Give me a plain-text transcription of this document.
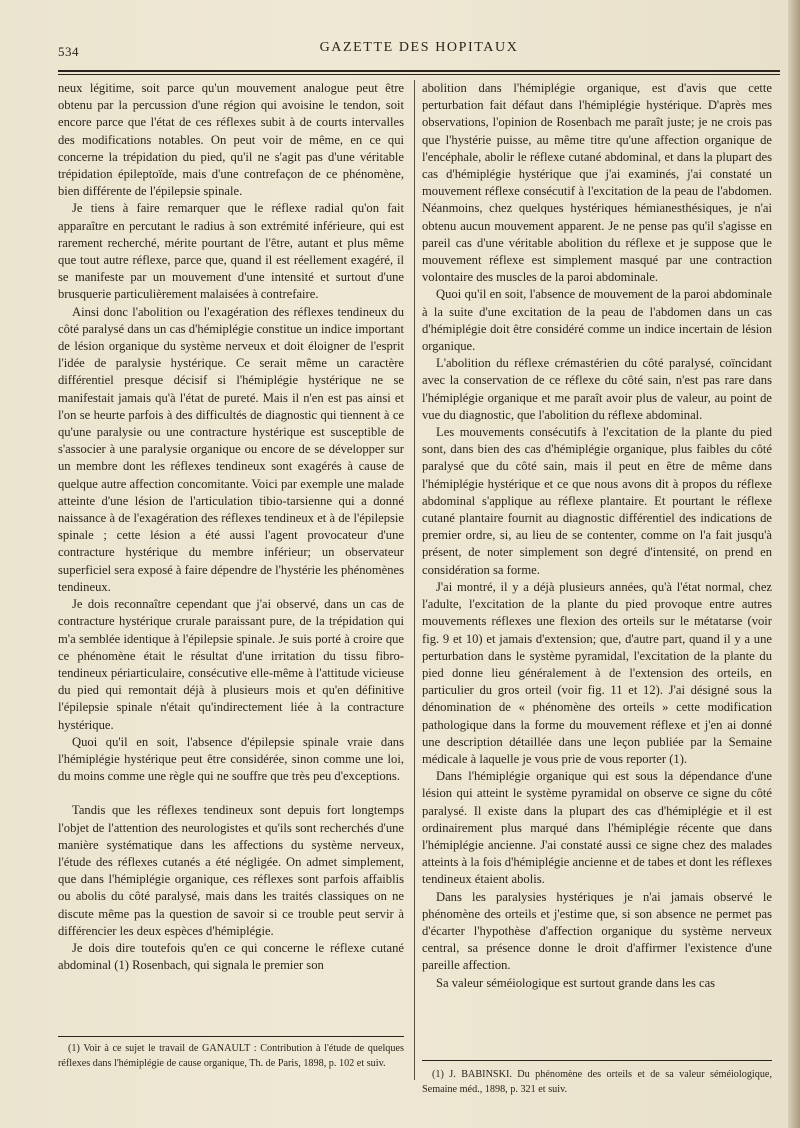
534	GAZETTE DES HOPITAUX

neux légitime, soit parce qu'un mouvement analogue peut être obtenu par la percussion d'une région qui avoisine le tendon, soit encore parce que l'état de ces réflexes subit à de courts intervalles des modifications notables. On peut voir de même, en ce qui concerne la trépidation du pied, qu'il ne s'agit pas d'une véritable trépidation épileptoïde, mais d'une contrefaçon de ce phénomène, bien différente de l'épilepsie spinale.

Je tiens à faire remarquer que le réflexe radial qu'on fait apparaître en percutant le radius à son extrémité inférieure, qui est rarement recherché, mérite pourtant de l'être, autant et plus même que tout autre réflexe, parce que, quand il est réellement exagéré, il se manifeste par un mouvement d'une intensité et surtout d'une brusquerie particulièrement malaisées à contrefaire.

Ainsi donc l'abolition ou l'exagération des réflexes tendineux du côté paralysé dans un cas d'hémiplégie constitue un indice important de lésion organique du système nerveux et doit éloigner de l'esprit l'idée de paralysie hystérique. Ce serait même un caractère différentiel presque décisif si l'hémiplégie hystérique ne se manifestait jamais qu'à l'état de pureté. Mais il n'en est pas ainsi et l'on se heurte parfois à des difficultés de diagnostic qui tiennent à ce qu'une paralysie ou une contracture hystérique est susceptible de s'associer à une paralysie organique ou encore de se développer sur un membre dont les réflexes tendineux sont exagérés à cause de quelque autre affection concomitante. Voici par exemple une malade atteinte d'une lésion de l'articulation tibio-tarsienne qui a donné naissance à de l'exagération des réflexes tendineux et à de l'épilepsie spinale ; cette lésion a été aussi l'agent provocateur d'une contracture hystérique du membre inférieur; un observateur superficiel sera exposé à faire dépendre de l'hystérie les phénomènes tendineux.

Je dois reconnaître cependant que j'ai observé, dans un cas de contracture hystérique crurale paraissant pure, de la trépidation qui m'a semblée identique à l'épilepsie spinale. Je suis porté à croire que ce phénomène était le résultat d'une irritation du tissu fibro-tendineux périarticulaire, consécutive elle-même à l'attitude vicieuse du pied qui remontait déjà à plusieurs mois et qu'en définitive l'épilepsie spinale n'était qu'indirectement liée à la contracture hystérique.

Quoi qu'il en soit, l'absence d'épilepsie spinale vraie dans l'hémiplégie hystérique peut être considérée, sinon comme une loi, du moins comme une règle qui ne souffre que très peu d'exceptions.

Tandis que les réflexes tendineux sont depuis fort longtemps l'objet de l'attention des neurologistes et qu'ils sont recherchés d'une manière systématique dans les affections du système nerveux, l'étude des réflexes cutanés a été négligée. On admet simplement, que dans l'hémiplégie organique, ces réflexes sont parfois affaiblis ou abolis du côté paralysé, mais dans les traités classiques on ne discute même pas la question de savoir si ce trouble peut servir à différencier les deux espèces d'hémiplégie.

Je dois dire toutefois qu'en ce qui concerne le réflexe cutané abdominal (1) Rosenbach, qui signala le premier son

(1) Voir à ce sujet le travail de GANAULT : Contribution à l'étude de quelques réflexes dans l'hémiplégie de cause organique, Th. de Paris, 1898, p. 102 et suiv.

abolition dans l'hémiplégie organique, est d'avis que cette perturbation fait défaut dans l'hémiplégie hystérique. D'après mes observations, l'opinion de Rosenbach me paraît juste; je ne crois pas que l'hystérie puisse, au même titre qu'une affection organique de l'encéphale, abolir le réflexe cutané abdominal, et dans la plupart des cas d'hémiplégie hystérique que j'ai examinés, j'ai constaté un mouvement réflexe consécutif à l'excitation de la peau de l'abdomen. Néanmoins, chez quelques hystériques hémianesthésiques, je n'ai obtenu aucun mouvement apparent. Je ne pense pas qu'il s'agisse en pareil cas d'une véritable abolition du réflexe et je suppose que le mouvement réflexe est simplement masqué par une contraction volontaire des muscles de la paroi abdominale.

Quoi qu'il en soit, l'absence de mouvement de la paroi abdominale à la suite d'une excitation de la peau de l'abdomen dans un cas d'hémiplégie doit être considéré comme un indice incertain de lésion organique.

L'abolition du réflexe crémastérien du côté paralysé, coïncidant avec la conservation de ce réflexe du côté sain, n'est pas rare dans l'hémiplégie organique et me paraît avoir plus de valeur, au point de vue du diagnostic, que l'abolition du réflexe abdominal.

Les mouvements consécutifs à l'excitation de la plante du pied sont, dans bien des cas d'hémiplégie organique, plus faibles du côté paralysé que du côté sain, mais il peut en être de même dans l'hémiplégie hystérique et ce que nous avons dit à propos du réflexe abdominal s'applique au réflexe plantaire. Et pourtant le réflexe cutané plantaire fournit au diagnostic différentiel des indications de premier ordre, si, au lieu de se contenter, comme on l'a fait jusqu'à présent, de noter simplement son degré d'intensité, on prend en considération sa forme.

J'ai montré, il y a déjà plusieurs années, qu'à l'état normal, chez l'adulte, l'excitation de la plante du pied provoque entre autres mouvements réflexes une flexion des orteils sur le métatarse (voir fig. 9 et 10) et jamais d'extension; que, d'autre part, quand il y a une perturbation dans le système pyramidal, l'excitation de la plante du pied donne lieu généralement à de l'extension des orteils, en particulier du gros orteil (voir fig. 11 et 12). J'ai désigné sous la dénomination de « phénomène des orteils » cette modification pathologique dans la forme du mouvement réflexe et j'en ai donné une description détaillée dans une leçon publiée par la Semaine médicale à laquelle je vous prie de vous reporter (1).

Dans l'hémiplégie organique qui est sous la dépendance d'une lésion qui atteint le système pyramidal on observe ce signe du côté paralysé. Il existe dans la plupart des cas d'hémiplégie et il est ordinairement plus marqué dans l'hémiplégie récente que dans l'hémiplégie ancienne. J'ai constaté aussi ce signe chez des malades atteints à la fois d'hémiplégie ancienne et de tabes et dont les réflexes tendineux étaient abolis.

Dans les paralysies hystériques je n'ai jamais observé le phénomène des orteils et j'estime que, si son absence ne permet pas d'écarter l'hypothèse d'affection organique du système nerveux central, sa présence donne le droit d'affirmer l'existence d'une pareille affection.

Sa valeur séméiologique est surtout grande dans les cas

(1) J. BABINSKI. Du phénomène des orteils et de sa valeur séméiologique, Semaine méd., 1898, p. 321 et suiv.
